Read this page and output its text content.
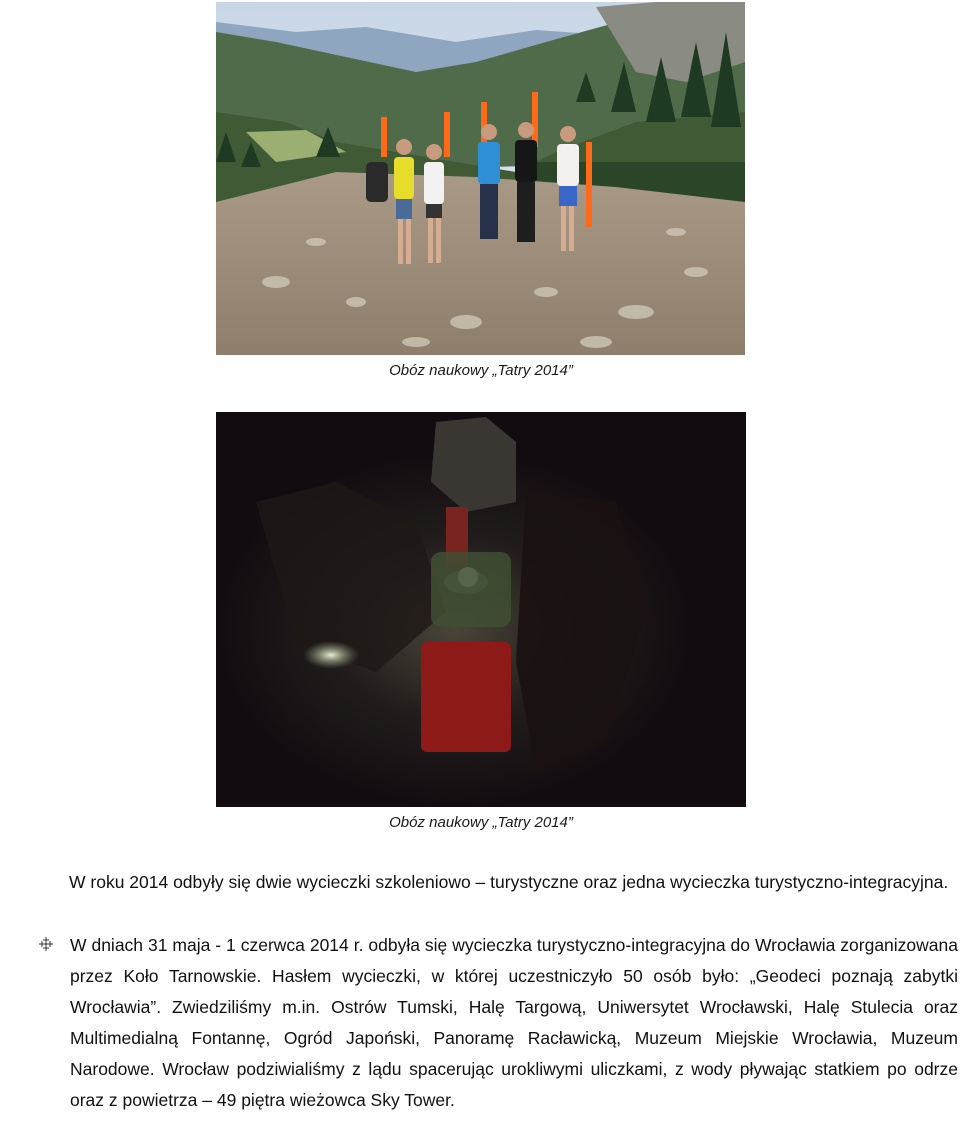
Obóz naukowy „Tatry 2014”
Obóz naukowy „Tatry 2014”

W roku 2014 odbyły się dwie wycieczki szkoleniowo – turystyczne oraz jedna wycieczka turystyczno-integracyjna.

W dniach 31 maja - 1 czerwca 2014 r. odbyła się wycieczka turystyczno-integracyjna do Wrocławia zorganizowana przez Koło Tarnowskie. Hasłem wycieczki, w której uczestniczyło 50 osób było: „Geodeci poznają zabytki Wrocławia”. Zwiedziliśmy m.in. Ostrów Tumski, Halę Targową, Uniwersytet Wrocławski, Halę Stulecia oraz Multimedialną Fontannę, Ogród Japoński, Panoramę Racławicką, Muzeum Miejskie Wrocławia, Muzeum Narodowe. Wrocław podziwialiśmy z lądu spacerując urokliwymi uliczkami, z wody pływając statkiem po odrze oraz z powietrza – 49 piętra wieżowca Sky Tower.
